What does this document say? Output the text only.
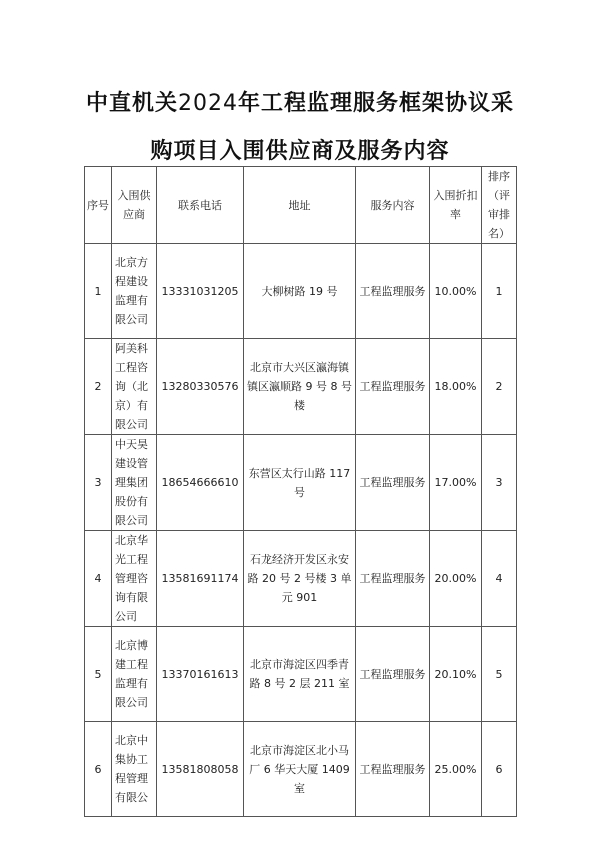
中直机关2024年工程监理服务框架协议采
购项目入围供应商及服务内容
序号	入围供应商	联系电话	地址	服务内容	入围折扣率	排序（评审排名）
1	北京方程建设监理有限公司	13331031205	大柳树路 19 号	工程监理服务	10.00%	1
2	阿美科工程咨询（北京）有限公司	13280330576	北京市大兴区瀛海镇镇区瀛顺路 9 号 8 号楼	工程监理服务	18.00%	2
3	中天昊建设管理集团股份有限公司	18654666610	东营区太行山路 117 号	工程监理服务	17.00%	3
4	北京华光工程管理咨询有限公司	13581691174	石龙经济开发区永安路 20 号 2 号楼 3 单元 901	工程监理服务	20.00%	4
5	北京博建工程监理有限公司	13370161613	北京市海淀区四季青路 8 号 2 层 211 室	工程监理服务	20.10%	5
6	北京中集协工程管理有限公	13581808058	北京市海淀区北小马厂 6 华天大厦 1409 室	工程监理服务	25.00%	6
